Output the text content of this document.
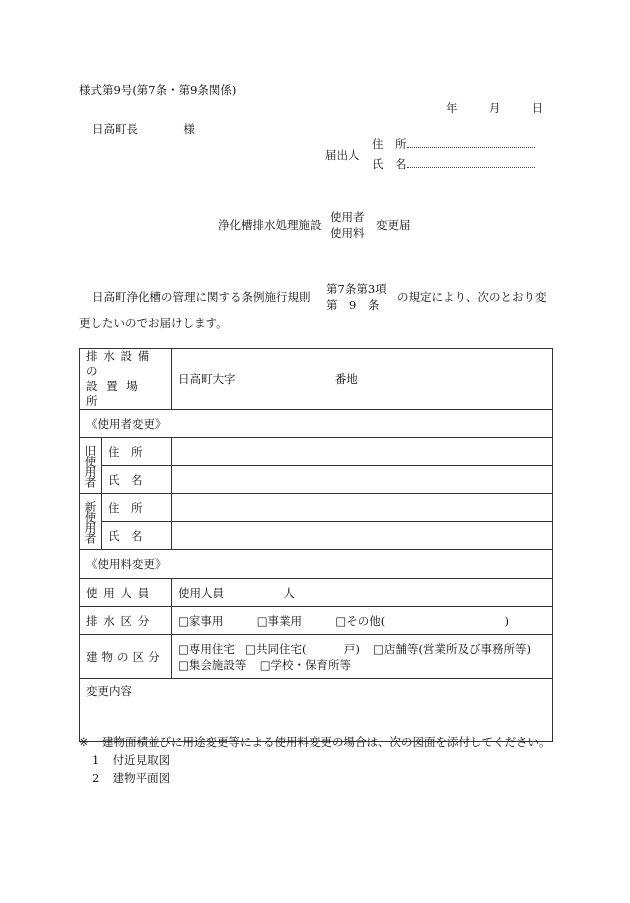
様式第9号(第7条・第9条関係)
年	月	日
日高町長	様
届出人
住　所
氏　名
浄化槽排水処理施設
使用者
使用料
変更届
日高町浄化槽の管理に関する条例施行規則
第7条第3項
第　9　条
の規定により、次のとおり変
更したいのでお届けします。
排水設備の
設置場所		日高町大字 番地
《使用者変更》		
旧使用者	住　所	

	氏　名	

新使用者	住　所	

	氏　名	

《使用料変更》		
使用人員		使用人員 人
排水区分		□家事用 □事業用 □その他( )
建物の区分		□専用住宅 □共同住宅( 戸) □店舗等(営業所及び事務所等)
□集会施設等 □学校・保育所等

変更内容		
※ 建物面積並びに用途変更等による使用料変更の場合は、次の図面を添付してください。
1 付近見取図
2 建物平面図
